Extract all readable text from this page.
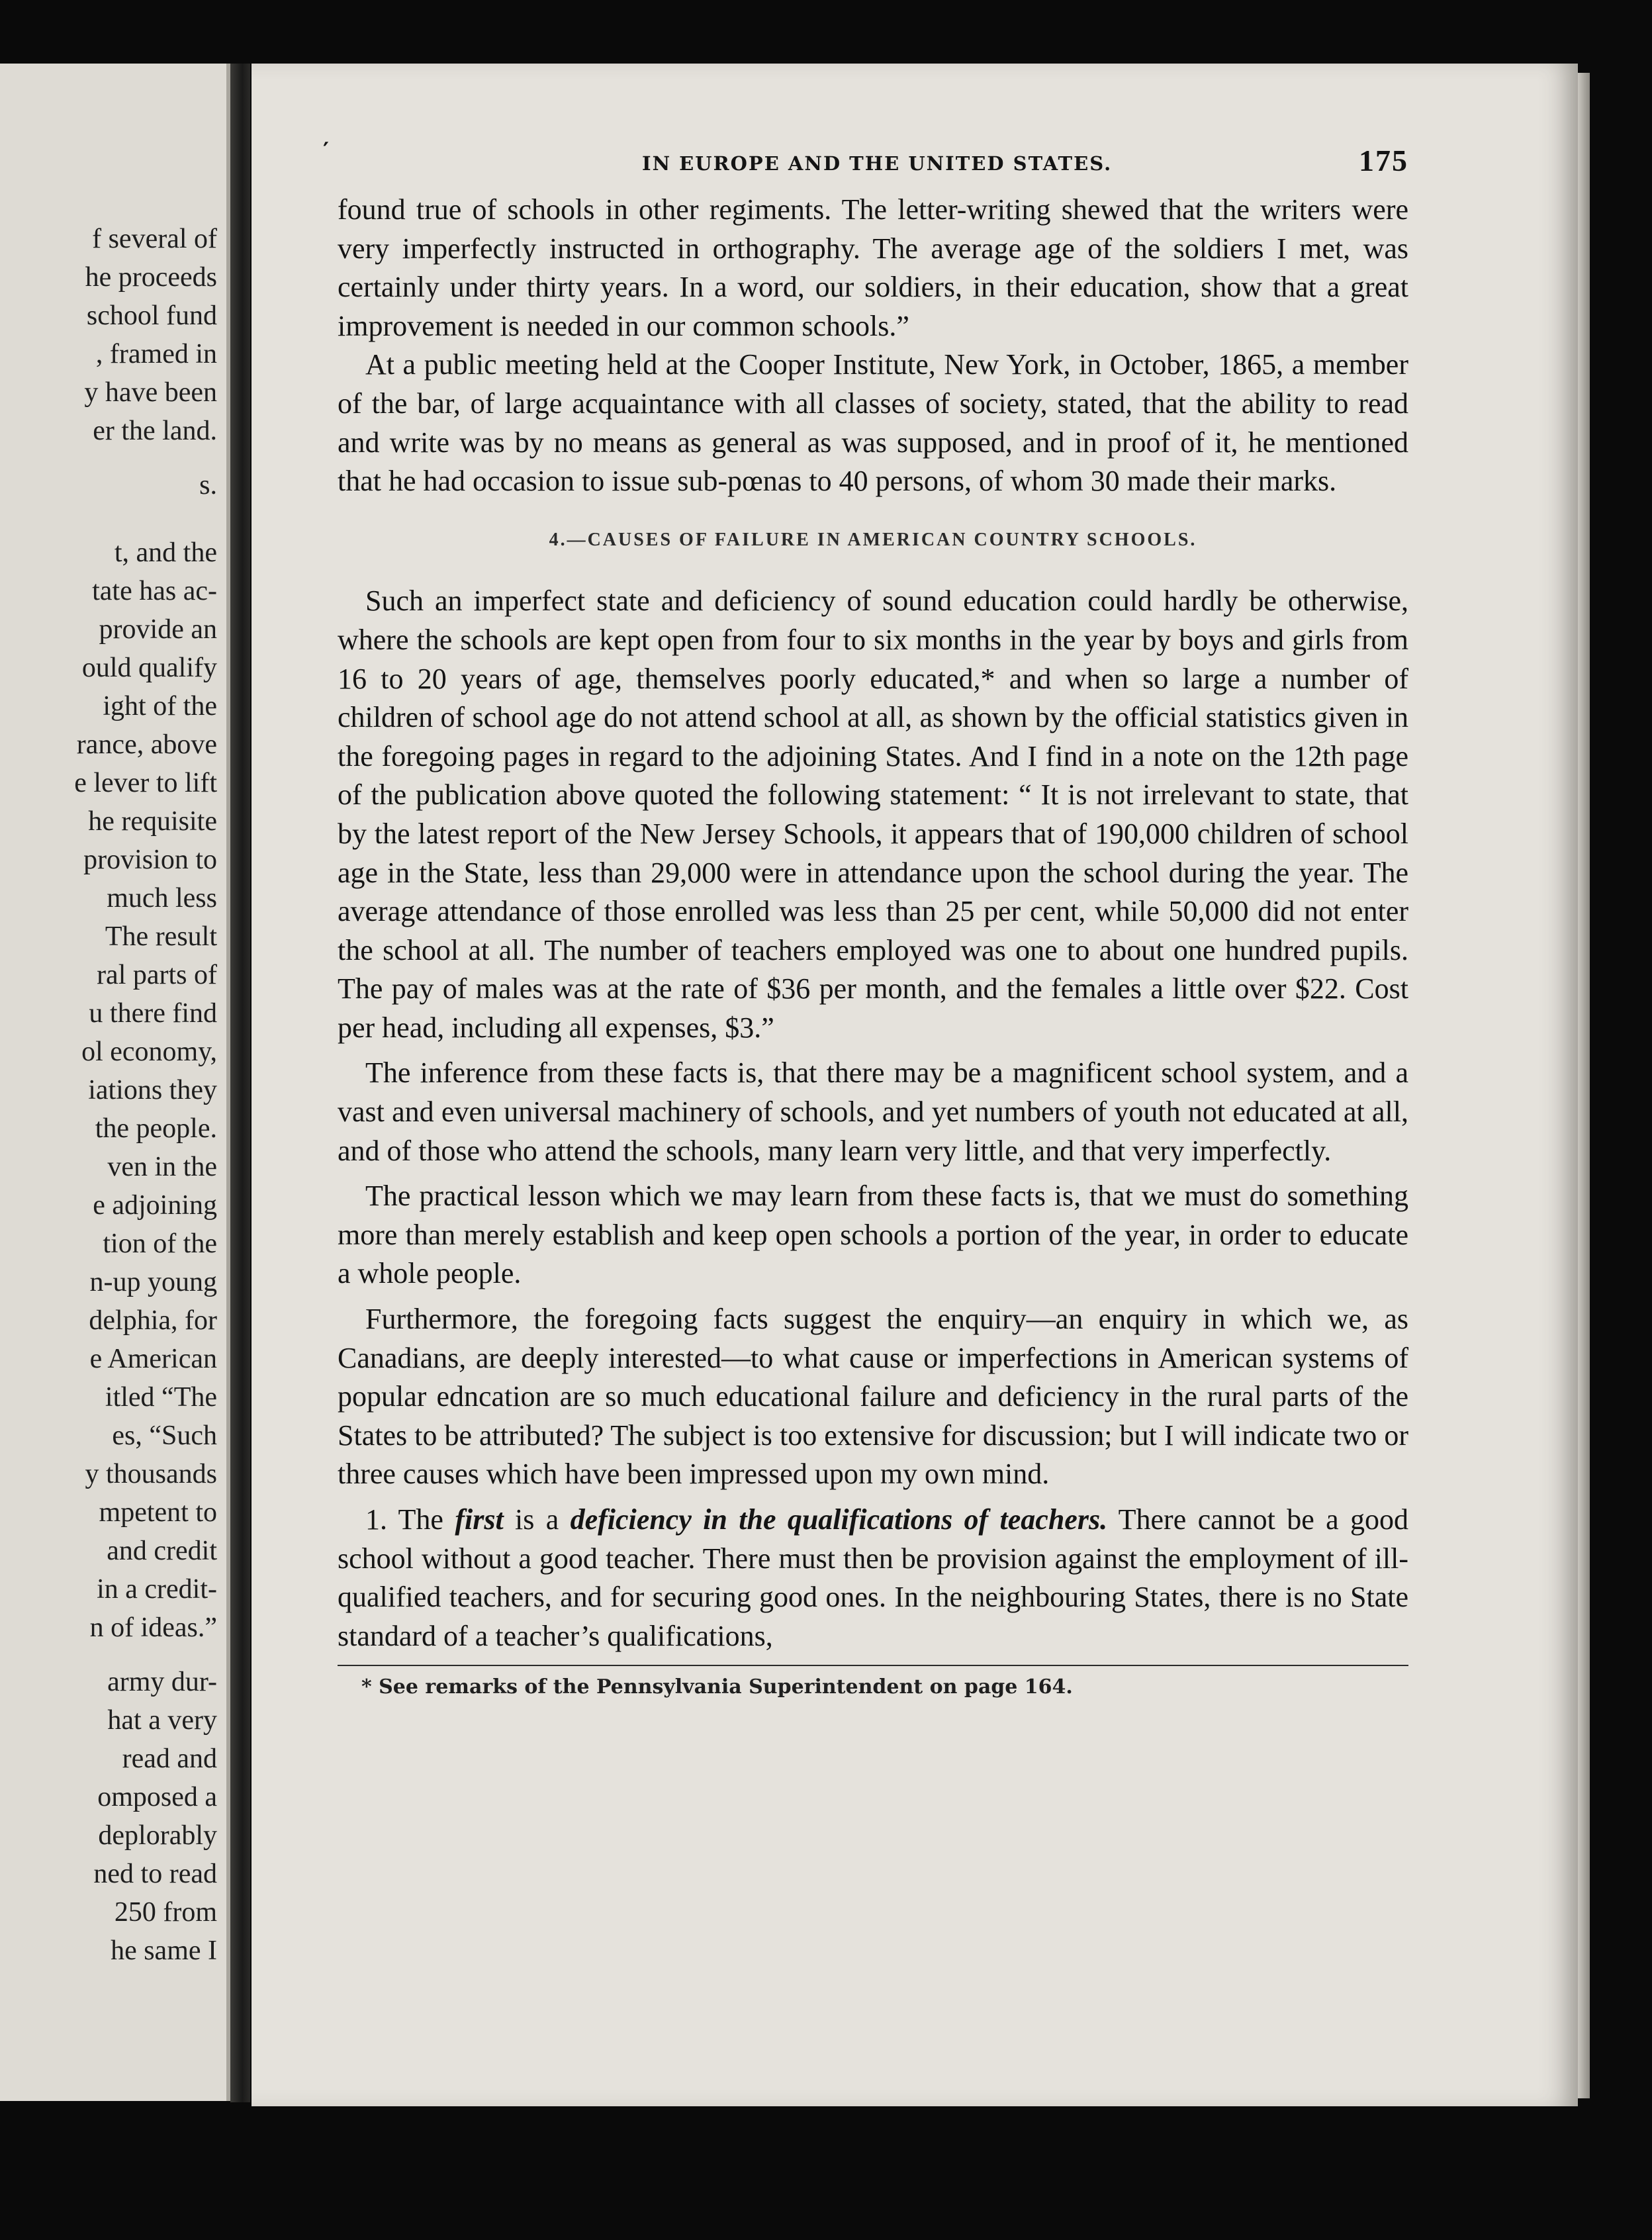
f several of
he proceeds
school fund
, framed in
y have been
er the land.
s.
t, and the
tate has ac-
provide an
ould qualify
ight of the
rance, above
e lever to lift
he requisite
provision to
much less
The result
ral parts of
u there find
ol economy,
iations they
the people.
ven in the
e adjoining
tion of the
n-up young
delphia, for
e American
itled “The
es, “Such
y thousands
mpetent to
and credit
in a credit-
n of ideas.”
army dur-
hat a very
read and
omposed a
deplorably
ned to read
250 from
he same I
′	IN EUROPE AND THE UNITED STATES.	175

found true of schools in other regiments. The letter-writing shewed that the writers were very imperfectly instructed in orthography. The average age of the soldiers I met, was certainly under thirty years. In a word, our soldiers, in their education, show that a great improvement is needed in our common schools.”

At a public meeting held at the Cooper Institute, New York, in October, 1865, a member of the bar, of large acquaintance with all classes of society, stated, that the ability to read and write was by no means as general as was supposed, and in proof of it, he mentioned that he had occasion to issue sub-pœnas to 40 persons, of whom 30 made their marks.

4.—CAUSES OF FAILURE IN AMERICAN COUNTRY SCHOOLS.

Such an imperfect state and deficiency of sound education could hardly be otherwise, where the schools are kept open from four to six months in the year by boys and girls from 16 to 20 years of age, themselves poorly educated,* and when so large a number of children of school age do not attend school at all, as shown by the official statistics given in the foregoing pages in regard to the adjoining States. And I find in a note on the 12th page of the publication above quoted the following statement: “ It is not irrelevant to state, that by the latest report of the New Jersey Schools, it appears that of 190,000 children of school age in the State, less than 29,000 were in attendance upon the school during the year. The average attendance of those enrolled was less than 25 per cent, while 50,000 did not enter the school at all. The number of teachers employed was one to about one hundred pupils. The pay of males was at the rate of $36 per month, and the females a little over $22. Cost per head, including all expenses, $3.”

The inference from these facts is, that there may be a magnificent school system, and a vast and even universal machinery of schools, and yet numbers of youth not educated at all, and of those who attend the schools, many learn very little, and that very imperfectly.

The practical lesson which we may learn from these facts is, that we must do something more than merely establish and keep open schools a portion of the year, in order to educate a whole people.

Furthermore, the foregoing facts suggest the enquiry—an enquiry in which we, as Canadians, are deeply interested—to what cause or imperfections in American systems of popular edncation are so much educational failure and deficiency in the rural parts of the States to be attributed? The subject is too extensive for discussion; but I will indicate two or three causes which have been impressed upon my own mind.

1. The first is a deficiency in the qualifications of teachers. There cannot be a good school without a good teacher. There must then be provision against the employment of ill-qualified teachers, and for securing good ones. In the neighbouring States, there is no State standard of a teacher’s qualifications,

* See remarks of the Pennsylvania Superintendent on page 164.
